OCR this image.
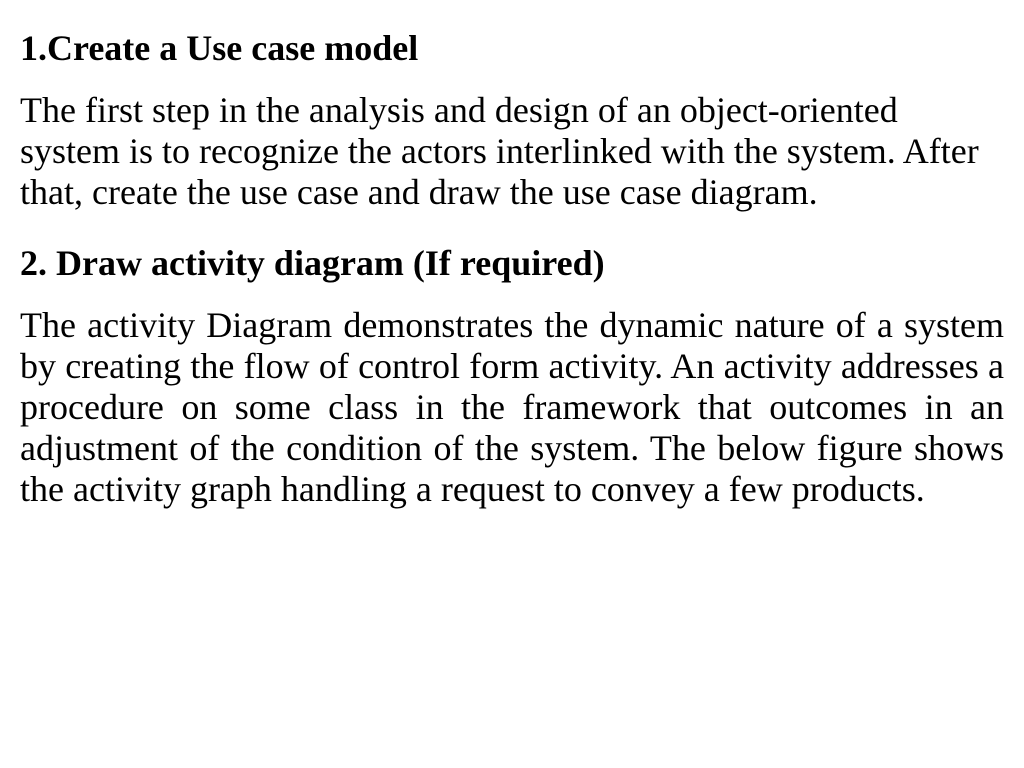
1.Create a Use case model

The first step in the analysis and design of an object-oriented system is to recognize the actors interlinked with the system. After that, create the use case and draw the use case diagram.

2. Draw activity diagram (If required)

The activity Diagram demonstrates the dynamic nature of a system by creating the flow of control form activity. An activity addresses a procedure on some class in the framework that outcomes in an adjustment of the condition of the system. The below figure shows the activity graph handling a request to convey a few products.
